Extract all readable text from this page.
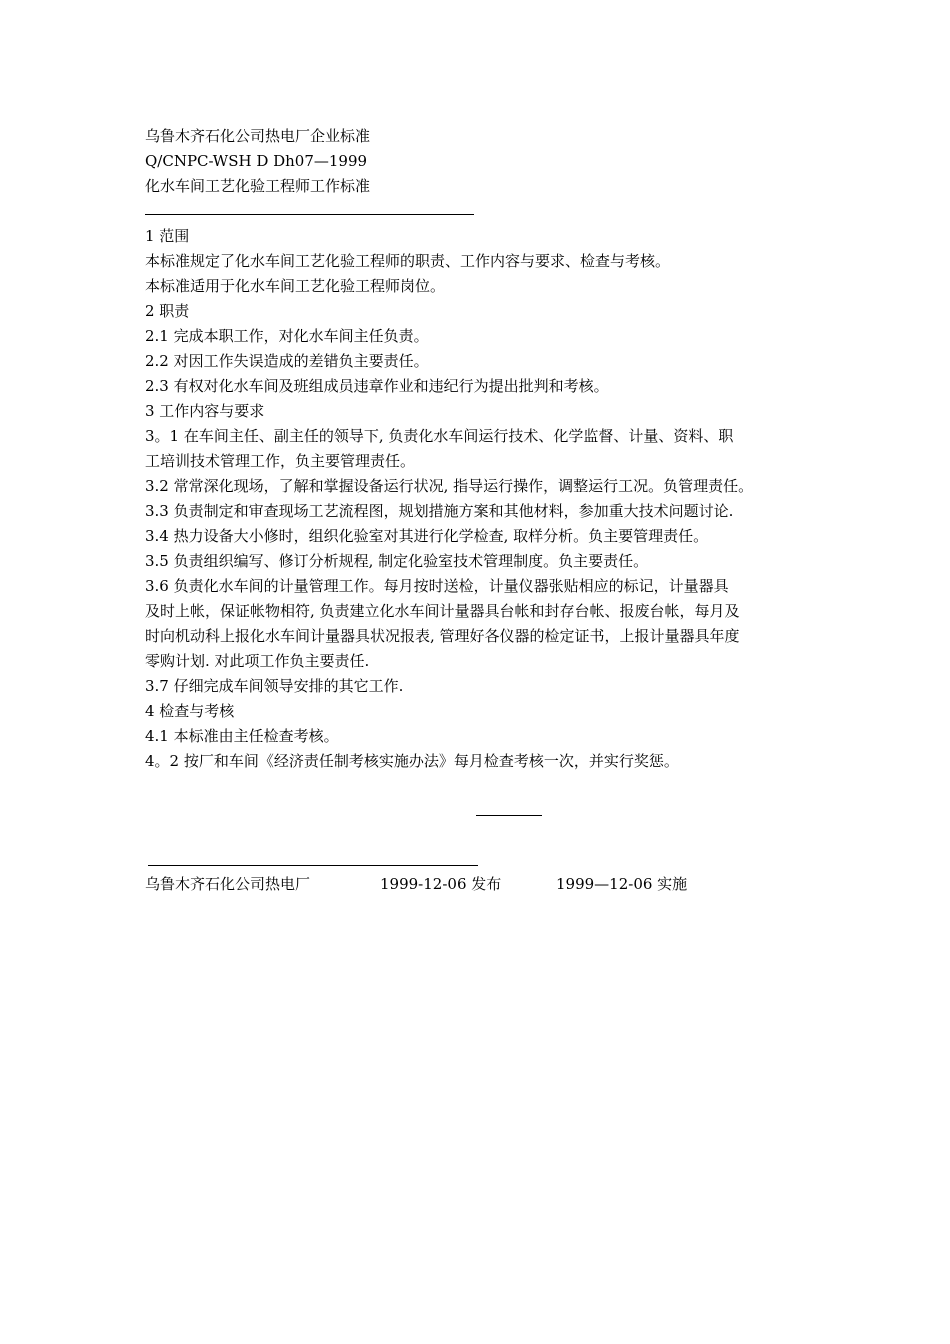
乌鲁木齐石化公司热电厂企业标准
Q/CNPC-WSH D Dh07—1999
化水车间工艺化验工程师工作标准
1 范围
本标准规定了化水车间工艺化验工程师的职责、工作内容与要求、检查与考核。
本标准适用于化水车间工艺化验工程师岗位。
2 职责
2.1 完成本职工作，对化水车间主任负责。
2.2 对因工作失误造成的差错负主要责任。
2.3 有权对化水车间及班组成员违章作业和违纪行为提出批判和考核。
3 工作内容与要求
3。1 在车间主任、副主任的领导下, 负责化水车间运行技术、化学监督、计量、资料、职
工培训技术管理工作，负主要管理责任。
3.2 常常深化现场，了解和掌握设备运行状况, 指导运行操作，调整运行工况。负管理责任。
3.3 负责制定和审查现场工艺流程图，规划措施方案和其他材料，参加重大技术问题讨论.
3.4 热力设备大小修时，组织化验室对其进行化学检查, 取样分析。负主要管理责任。
3.5 负责组织编写、修订分析规程, 制定化验室技术管理制度。负主要责任。
3.6 负责化水车间的计量管理工作。每月按时送检，计量仪器张贴相应的标记，计量器具
及时上帐，保证帐物相符, 负责建立化水车间计量器具台帐和封存台帐、报废台帐，每月及
时向机动科上报化水车间计量器具状况报表, 管理好各仪器的检定证书，上报计量器具年度
零购计划. 对此项工作负主要责任.
3.7 仔细完成车间领导安排的其它工作.
4 检查与考核
4.1 本标准由主任检查考核。
4。2 按厂和车间《经济责任制考核实施办法》每月检查考核一次，并实行奖惩。
乌鲁木齐石化公司热电厂	1999-12-06 发布	1999—12-06 实施
